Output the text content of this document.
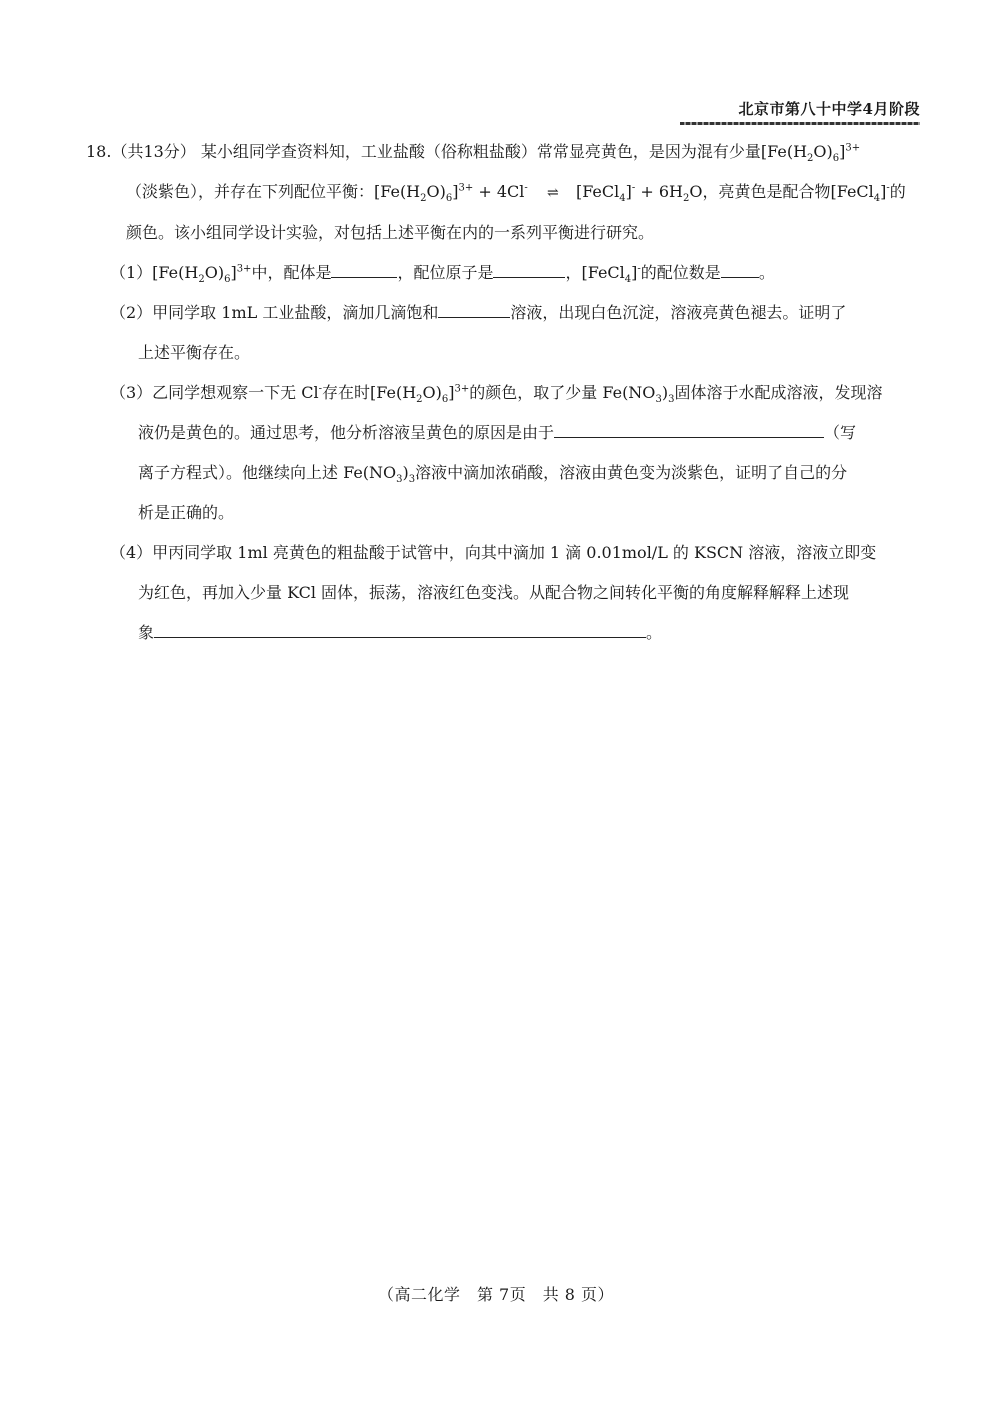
北京市第八十中学4月阶段

18.（共13分） 某小组同学查资料知，工业盐酸（俗称粗盐酸）常常显亮黄色，是因为混有少量$[Fe(H_2O)_6]^{3+}$

（淡紫色），并存在下列配位平衡：$[Fe(H_2O)_6]^{3+} + 4Cl^-$ ⇌ [FeCl$_4$]- + $6H_2O$，亮黄色是配合物[FeCl$_4$]-的

颜色。该小组同学设计实验，对包括上述平衡在内的一系列平衡进行研究。

$(1)[Fe(H_2O)_6]^{3+}$中，配体是	，配位原子是	，[FeCl$_4$]-的配位数是 。

（2）甲同学取 1mL 工业盐酸，滴加几滴饱和	溶液，出现白色沉淀，溶液亮黄色褪去。证明了

上述平衡存在。

（3）乙同学想观察一下无 Cl-存在时$[Fe(H_2O)_6]^{3+}$的颜色，取了少量 $Fe(NO_3)_3$固体溶于水配成溶液，发现溶

液仍是黄色的。通过思考，他分析溶液呈黄色的原因是由于	（写

离子方程式）。他继续向上述 $Fe(NO_3)_3$溶液中滴加浓硝酸，溶液由黄色变为淡紫色，证明了自己的分

析是正确的。

（4）甲丙同学取 1ml 亮黄色的粗盐酸于试管中，向其中滴加 1 滴 0.01mol/L 的 KSCN 溶液，溶液立即变

为红色，再加入少量 KCl 固体，振荡，溶液红色变浅。从配合物之间转化平衡的角度解释解释上述现

象	。

（高二化学　第 7页　共 8 页）
